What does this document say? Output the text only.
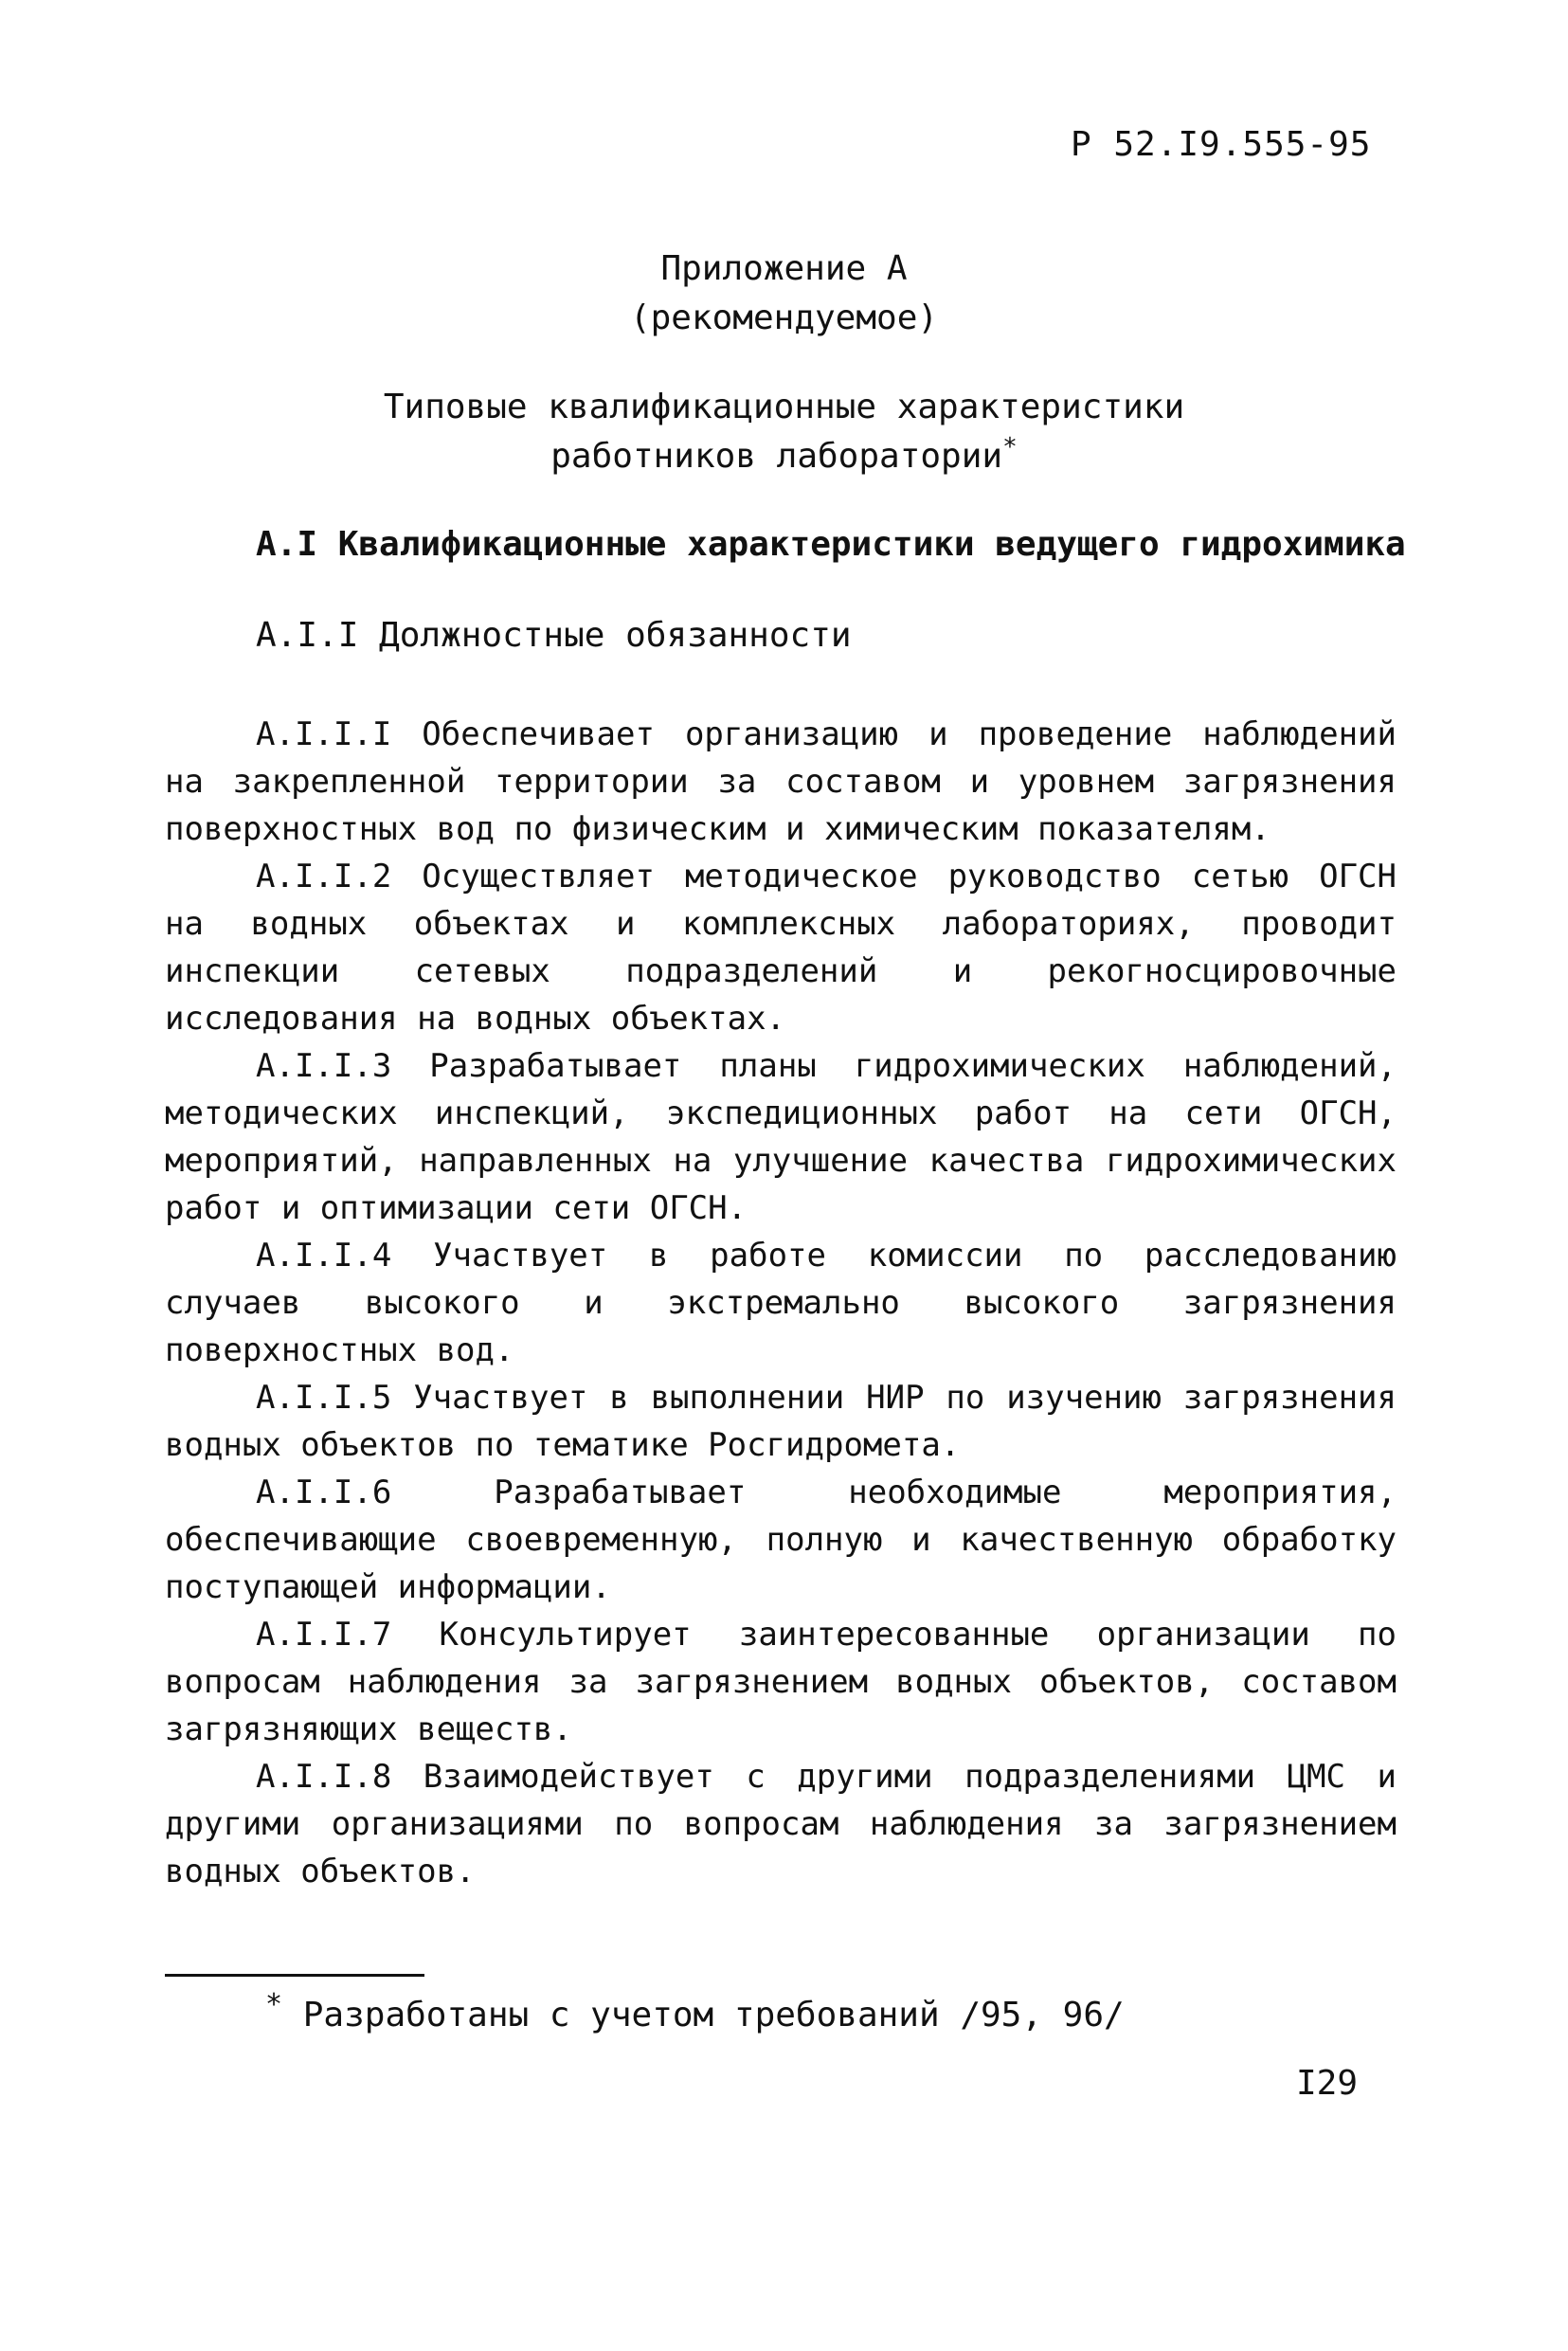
Р 52.I9.555-95
Приложение А
(рекомендуемое)
Типовые квалификационные характеристики
работников лаборатории*
А.I Квалификационные характеристики ведущего гидрохимика
А.I.I Должностные обязанности

А.I.I.I Обеспечивает организацию и проведение наблюдений на закрепленной территории за составом и уровнем загрязнения поверхностных вод по физическим и химическим показателям.

А.I.I.2 Осуществляет методическое руководство сетью ОГСН на водных объектах и комплексных лабораториях, проводит инспекции сетевых подразделений и рекогносцировочные исследования на водных объектах.

А.I.I.3 Разрабатывает планы гидрохимических наблюдений, методических инспекций, экспедиционных работ на сети ОГСН, мероприятий, направленных на улучшение качества гидрохимических работ и оптимизации сети ОГСН.

А.I.I.4 Участвует в работе комиссии по расследованию случаев высокого и экстремально высокого загрязнения поверхностных вод.

А.I.I.5 Участвует в выполнении НИР по изучению загрязнения водных объектов по тематике Росгидромета.

А.I.I.6 Разрабатывает необходимые мероприятия, обеспечивающие своевременную, полную и качественную обработку поступающей информации.

А.I.I.7 Консультирует заинтересованные организации по вопросам наблюдения за загрязнением водных объектов, составом загрязняющих веществ.

А.I.I.8 Взаимодействует с другими подразделениями ЦМС и другими организациями по вопросам наблюдения за загрязнением водных объектов.

* Разработаны с учетом требований /95, 96/
I29
